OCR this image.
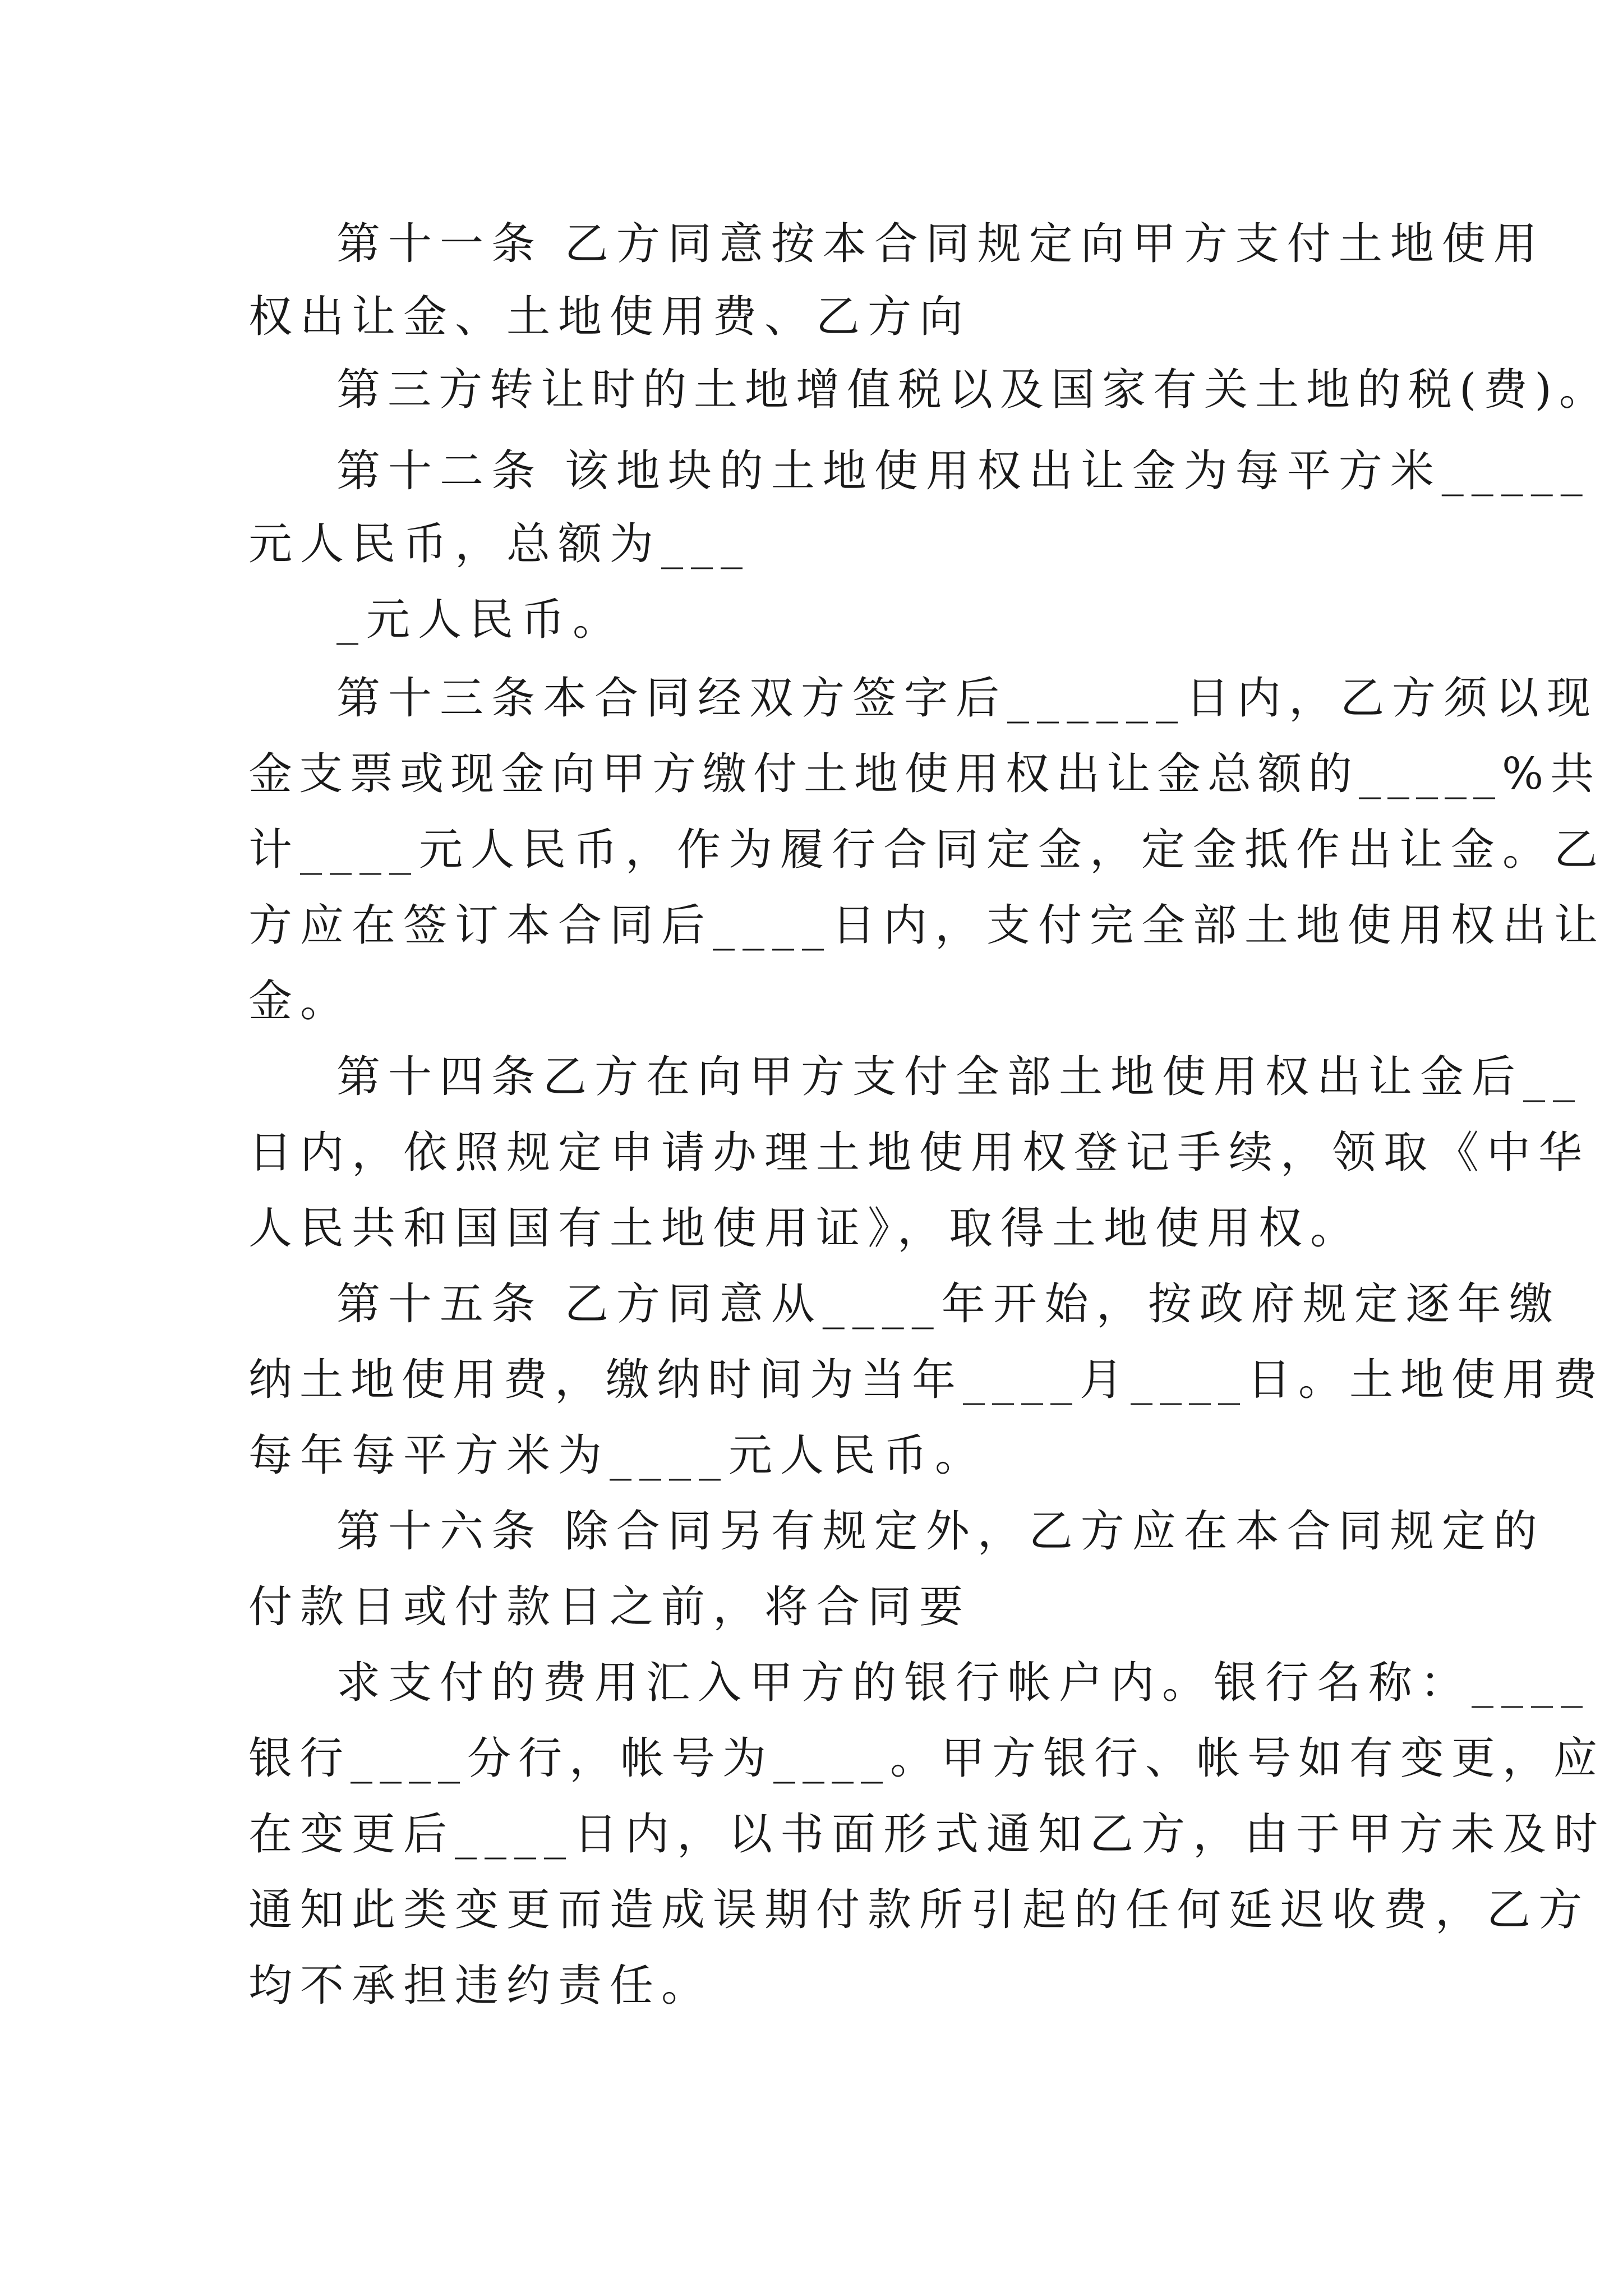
第十一条 乙方同意按本合同规定向甲方支付土地使用

权出让金、土地使用费、乙方向

第三方转让时的土地增值税以及国家有关土地的税(费)。

第十二条 该地块的土地使用权出让金为每平方米_____

元人民币，总额为___

_元人民币。

第十三条本合同经双方签字后______日内，乙方须以现

金支票或现金向甲方缴付土地使用权出让金总额的_____%共

计____元人民币，作为履行合同定金，定金抵作出让金。乙

方应在签订本合同后____日内，支付完全部土地使用权出让

金。

第十四条乙方在向甲方支付全部土地使用权出让金后__

日内，依照规定申请办理土地使用权登记手续，领取《中华

人民共和国国有土地使用证》，取得土地使用权。

第十五条 乙方同意从____年开始，按政府规定逐年缴

纳土地使用费，缴纳时间为当年____月____日。土地使用费

每年每平方米为____元人民币。

第十六条 除合同另有规定外，乙方应在本合同规定的

付款日或付款日之前，将合同要

求支付的费用汇入甲方的银行帐户内。银行名称：____

银行____分行，帐号为____。甲方银行、帐号如有变更，应

在变更后____日内，以书面形式通知乙方，由于甲方未及时

通知此类变更而造成误期付款所引起的任何延迟收费，乙方

均不承担违约责任。
